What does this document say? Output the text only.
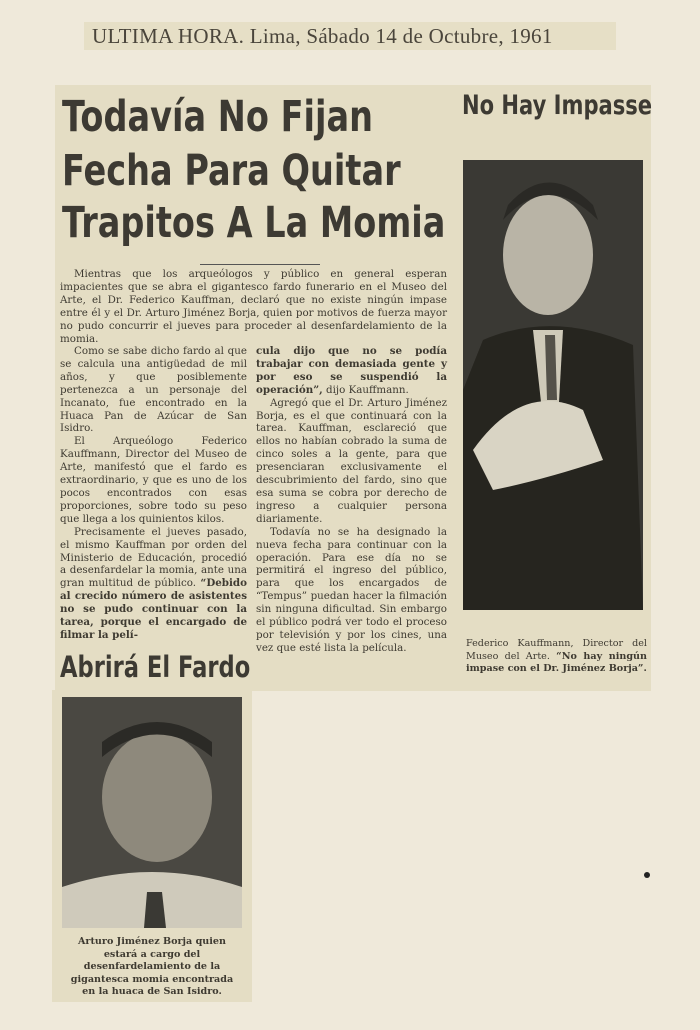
ULTIMA HORA. Lima, Sábado 14 de Octubre, 1961
Todavía No Fijan
Fecha Para Quitar
Trapitos A La Momia
No Hay Impasse

Mientras que los arqueólogos y público en general esperan impacientes que se abra el gigantesco fardo funerario en el Museo del Arte, el Dr. Federico Kauffman, declaró que no existe ningún impase entre él y el Dr. Arturo Jiménez Borja, quien por motivos de fuerza mayor no pudo concurrir el jueves para proceder al desenfardelamiento de la momia.

Como se sabe dicho fardo al que se calcula una antigüedad de mil años, y que posiblemente pertenezca a un personaje del Incanato, fue encontrado en la Huaca Pan de Azúcar de San Isidro.

El Arqueólogo Federico Kauffmann, Director del Museo de Arte, manifestó que el fardo es extraordinario, y que es uno de los pocos encontrados con esas proporciones, sobre todo su peso que llega a los quinientos kilos.

Precisamente el jueves pasado, el mismo Kauffman por orden del Ministerio de Educación, procedió a desenfardelar la momia, ante una gran multitud de público. “Debido al crecido número de asistentes no se pudo continuar con la tarea, porque el encargado de filmar la pelí-

cula dijo que no se podía trabajar con demasiada gente y por eso se suspendió la operación”, dijo Kauffmann.

Agregó que el Dr. Arturo Jiménez Borja, es el que continuará con la tarea. Kauffman, esclareció que ellos no habían cobrado la suma de cinco soles a la gente, para que presenciaran exclusivamente el descubrimiento del fardo, sino que esa suma se cobra por derecho de ingreso a cualquier persona diariamente.

Todavía no se ha designado la nueva fecha para continuar con la operación. Para ese día no se permitirá el ingreso del público, para que los encargados de “Tempus” puedan hacer la filmación sin ninguna dificultad. Sin embargo el público podrá ver todo el proceso por televisión y por los cines, una vez que esté lista la película.

Abrirá El Fardo
Federico Kauffmann, Director del Museo del Arte. “No hay ningún impase con el Dr. Jiménez Borja”.
Arturo Jiménez Borja quien estará a cargo del desenfardelamiento de la gigantesca momia encontrada en la huaca de San Isidro.
